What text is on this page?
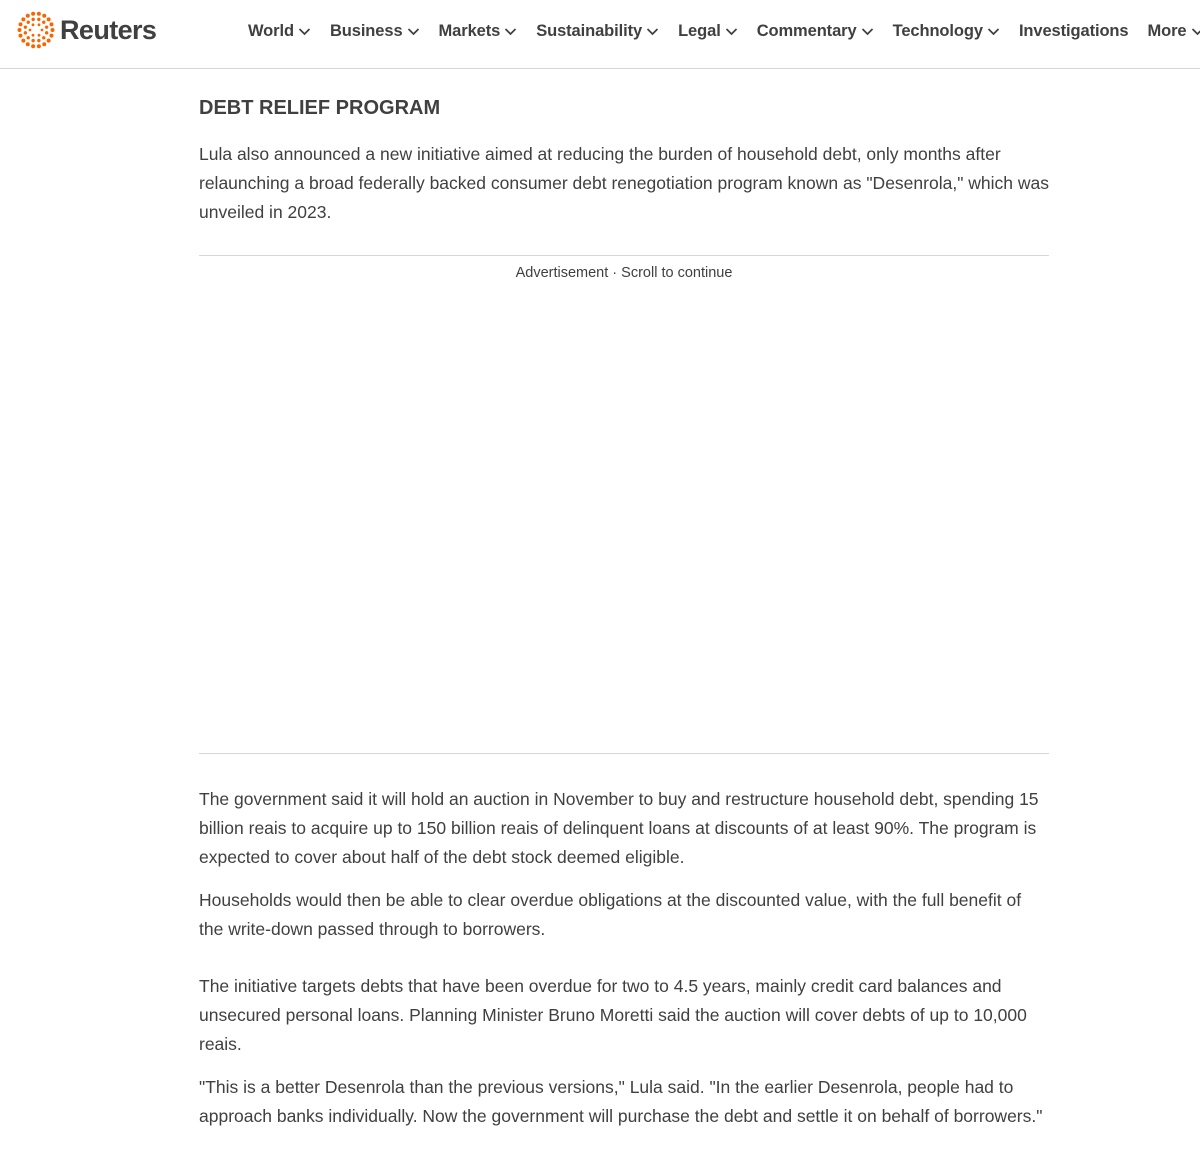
Reuters	World Business Markets Sustainability Legal Commentary Technology Investigations More
DEBT RELIEF PROGRAM

Lula also announced a new initiative aimed at reducing the burden of household debt, only months after relaunching a broad federally backed consumer debt renegotiation program known as "Desenrola," which was unveiled in 2023.

Advertisement · Scroll to continue

The government said it will hold an auction in November to buy and restructure household debt, spending 15 billion reais to acquire up to 150 billion reais of delinquent loans at discounts of at least 90%. The program is expected to cover about half of the debt stock deemed eligible.

Households would then be able to clear overdue obligations at the discounted value, with the full benefit of the write-down passed through to borrowers.

The initiative targets debts that have been overdue for two to 4.5 years, mainly credit card balances and unsecured personal loans. Planning Minister Bruno Moretti said the auction will cover debts of up to 10,000 reais.

"This is a better Desenrola than the previous versions," Lula said. "In the earlier Desenrola, people had to approach banks individually. Now the government will purchase the debt and settle it on behalf of borrowers."
